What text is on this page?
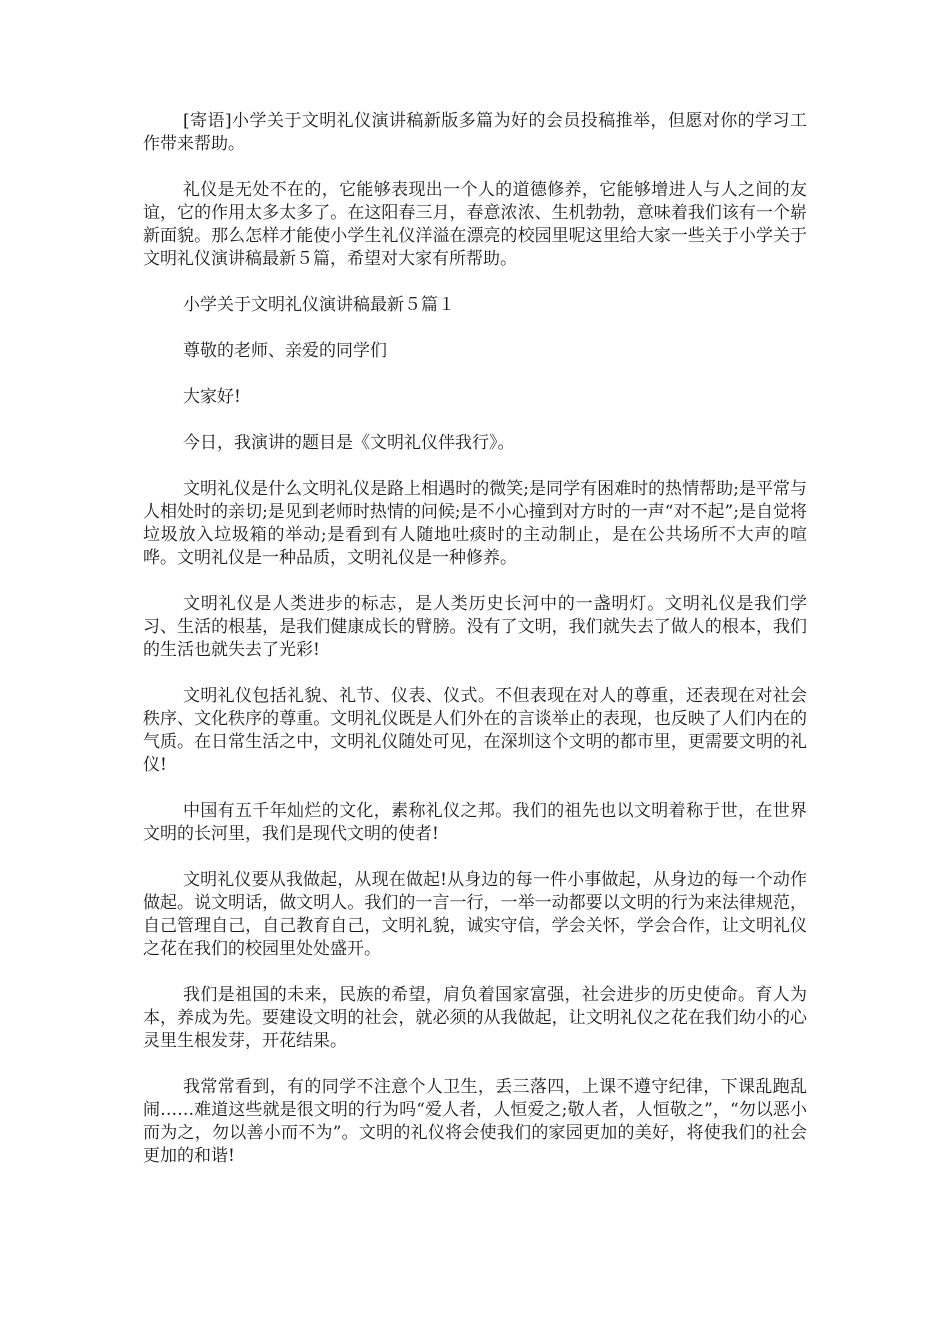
[寄语]小学关于文明礼仪演讲稿新版多篇为好的会员投稿推举，但愿对你的学习工作带来帮助。

礼仪是无处不在的，它能够表现出一个人的道德修养，它能够增进人与人之间的友谊，它的作用太多太多了。在这阳春三月，春意浓浓、生机勃勃，意味着我们该有一个崭新面貌。那么怎样才能使小学生礼仪洋溢在漂亮的校园里呢这里给大家一些关于小学关于文明礼仪演讲稿最新５篇，希望对大家有所帮助。

小学关于文明礼仪演讲稿最新５篇１

尊敬的老师、亲爱的同学们

大家好!

今日，我演讲的题目是《文明礼仪伴我行》。

文明礼仪是什么文明礼仪是路上相遇时的微笑;是同学有困难时的热情帮助;是平常与人相处时的亲切;是见到老师时热情的问候;是不小心撞到对方时的一声“对不起”;是自觉将垃圾放入垃圾箱的举动;是看到有人随地吐痰时的主动制止，是在公共场所不大声的喧哗。文明礼仪是一种品质，文明礼仪是一种修养。

文明礼仪是人类进步的标志，是人类历史长河中的一盏明灯。文明礼仪是我们学习、生活的根基，是我们健康成长的臂膀。没有了文明，我们就失去了做人的根本，我们的生活也就失去了光彩!

文明礼仪包括礼貌、礼节、仪表、仪式。不但表现在对人的尊重，还表现在对社会秩序、文化秩序的尊重。文明礼仪既是人们外在的言谈举止的表现，也反映了人们内在的气质。在日常生活之中，文明礼仪随处可见，在深圳这个文明的都市里，更需要文明的礼仪!

中国有五千年灿烂的文化，素称礼仪之邦。我们的祖先也以文明着称于世，在世界文明的长河里，我们是现代文明的使者!

文明礼仪要从我做起，从现在做起!从身边的每一件小事做起，从身边的每一个动作做起。说文明话，做文明人。我们的一言一行，一举一动都要以文明的行为来法律规范，自己管理自己，自己教育自己，文明礼貌，诚实守信，学会关怀，学会合作，让文明礼仪之花在我们的校园里处处盛开。

我们是祖国的未来，民族的希望，肩负着国家富强，社会进步的历史使命。育人为本，养成为先。要建设文明的社会，就必须的从我做起，让文明礼仪之花在我们幼小的心灵里生根发芽，开花结果。

我常常看到，有的同学不注意个人卫生，丢三落四，上课不遵守纪律，下课乱跑乱闹……难道这些就是很文明的行为吗“爱人者，人恒爱之;敬人者，人恒敬之”，“勿以恶小而为之，勿以善小而不为”。文明的礼仪将会使我们的家园更加的美好，将使我们的社会更加的和谐!
